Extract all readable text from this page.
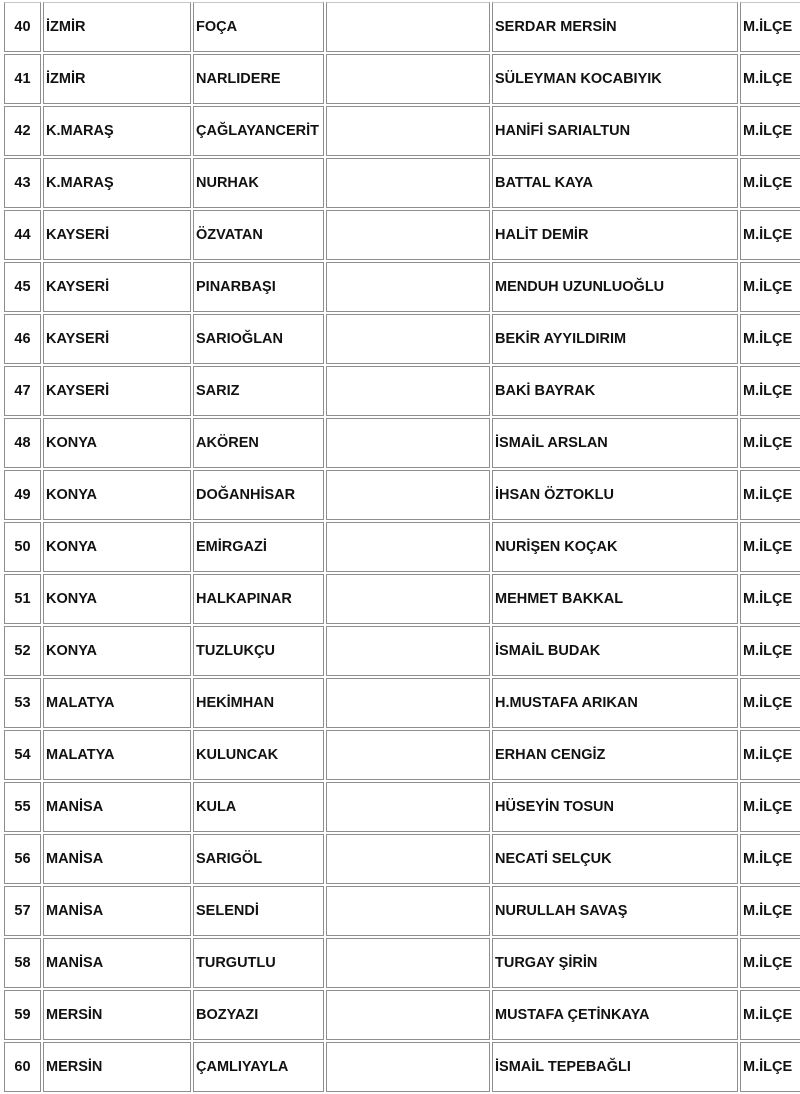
40	İZMİR	FOÇA		SERDAR MERSİN	M.İLÇE
41	İZMİR	NARLIDERE		SÜLEYMAN KOCABIYIK	M.İLÇE
42	K.MARAŞ	ÇAĞLAYANCERİT		HANİFİ SARIALTUN	M.İLÇE
43	K.MARAŞ	NURHAK		BATTAL KAYA	M.İLÇE
44	KAYSERİ	ÖZVATAN		HALİT DEMİR	M.İLÇE
45	KAYSERİ	PINARBAŞI		MENDUH UZUNLUOĞLU	M.İLÇE
46	KAYSERİ	SARIOĞLAN		BEKİR AYYILDIRIM	M.İLÇE
47	KAYSERİ	SARIZ		BAKİ BAYRAK	M.İLÇE
48	KONYA	AKÖREN		İSMAİL ARSLAN	M.İLÇE
49	KONYA	DOĞANHİSAR		İHSAN ÖZTOKLU	M.İLÇE
50	KONYA	EMİRGAZİ		NURİŞEN KOÇAK	M.İLÇE
51	KONYA	HALKAPINAR		MEHMET BAKKAL	M.İLÇE
52	KONYA	TUZLUKÇU		İSMAİL BUDAK	M.İLÇE
53	MALATYA	HEKİMHAN		H.MUSTAFA ARIKAN	M.İLÇE
54	MALATYA	KULUNCAK		ERHAN CENGİZ	M.İLÇE
55	MANİSA	KULA		HÜSEYİN TOSUN	M.İLÇE
56	MANİSA	SARIGÖL		NECATİ SELÇUK	M.İLÇE
57	MANİSA	SELENDİ		NURULLAH SAVAŞ	M.İLÇE
58	MANİSA	TURGUTLU		TURGAY ŞİRİN	M.İLÇE
59	MERSİN	BOZYAZI		MUSTAFA ÇETİNKAYA	M.İLÇE
60	MERSİN	ÇAMLIYAYLA		İSMAİL TEPEBAĞLI	M.İLÇE
